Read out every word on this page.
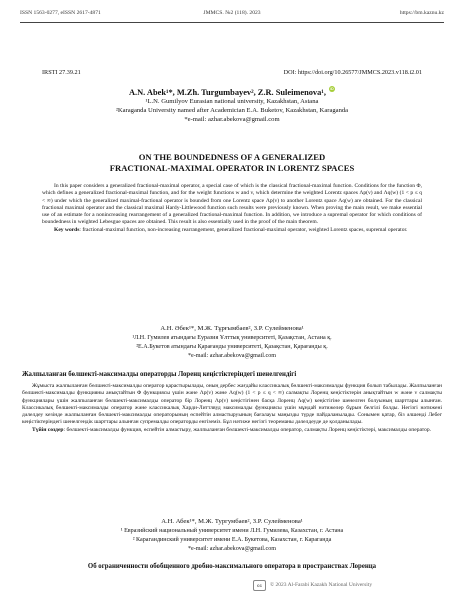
ISSN 1563-0277, eISSN 2617-4871	JMMCS. №2 (118). 2023	https://bm.kaznu.kz
IRSTI 27.39.21	DOI: https://doi.org/10.26577/JMMCS.2023.v118.i2.01
A.N. Abek¹*, M.Zh. Turgumbayev², Z.R. Suleimenova¹, iD
¹L.N. Gumilyov Eurasian national university, Kazakhstan, Astana
²Karaganda University named after Academician E.A. Buketov, Kazakhstan, Karaganda
*e-mail: azhar.abekova@gmail.com
ON THE BOUNDEDNESS OF A GENERALIZED
FRACTIONAL-MAXIMAL OPERATOR IN LORENTZ SPACES

In this paper considers a generalized fractional-maximal operator, a special case of which is the classical fractional-maximal function. Conditions for the function Φ, which defines a generalized fractional-maximal function, and for the weight functions w and v, which determine the weighted Lorentz spaces Λp(v) and Λq(w) (1 < p ≤ q < ∞) under which the generalized maximal-fractional operator is bounded from one Lorentz space Λp(v) to another Lorentz space Λq(w) are obtained. For the classical fractional maximal operator and the classical maximal Hardy-Littlewood function such results were previously known. When proving the main result, we make essential use of an estimate for a nonincreasing rearrangement of a generalized fractional-maximal function. In addition, we introduce a supremal operator for which conditions of boundedness in weighted Lebesgue spaces are obtained. This result is also essentially used in the proof of the main theorem.

Key words: fractional-maximal function, non-increasing rearrangement, generalized fractional-maximal operator, weighted Lorentz spaces, supremal operator.

А.Н. Әбек¹*, М.Ж. Тұрғымбаев², З.Р. Сулейменова¹
¹Л.Н. Гумилев атындағы Еуразия Ұлттық университеті, Қазақстан, Астана қ.
²Е.А.Букетов атындағы Қарағанды университеті, Қазақстан, Қарағанды қ.
*e-mail: azhar.abekova@gmail.com
Жалпыланған бөлшекті-максималды операторды Лоренц кеңістіктеріндегі шенелгендігі

Жұмыста жалпыланған бөлшекті-максималды оператор қарастырылады, оның дербес жағдайы классикалық бөлшекті-максималды функция болып табылады. Жалпыланған бөлшекті-максималды функцияны анықтайтын Φ функциясы үшін және Λp(v) және Λq(w) (1 < p ≤ q < ∞) салмақты Лоренц кеңістіктерін анықтайтын w және v салмақты функциялары үшін жалпыланған бөлшекті-максималды оператор бір Лоренц Λp(v) кеңістігінен басқа Лоренц Λq(w) кеңістігіне шенелген болуының шарттары алынған. Классикалық бөлшекті-максималды оператор және классикалық Харди-Литтлвуд максималды функциясы үшін мұндай нәтижелер бұрын белгілі болды. Негізгі нәтижені дәлелдеу кезінде жалпыланған бөлшекті-максималды операторының өспейтін алмастыруының бағалауы маңызды түрде пайдаланылады. Сонымен қатар, біз әлшенді Лебег кеңістіктеріндегі шенелгендік шарттары алынған супремалды операторды енгіземіз. Бұл нәтиже негізгі теореманы дәлелдеуде де қолданылады.

Түйін сөздер: бөлшекті-максималды функция, өспейтін алмастыру, жалпыланған бөлшекті-максималды оператор, салмақты Лоренц кеңістіктері, максималды оператор.

А.Н. Абек¹*, М.Ж. Тургумбаев², З.Р. Сулейменова¹
¹ Евразийский национальный университет имени Л.Н. Гумилева, Казахстан, г. Астана
² Карагандинский университет имени Е.А. Букетова, Казахстан, г. Караганда
*e-mail: azhar.abekova@gmail.com
Об ограниченности обобщенного дробно-максимального оператора в пространствах Лоренца
cc	© 2023 Al-Farabi Kazakh National University
